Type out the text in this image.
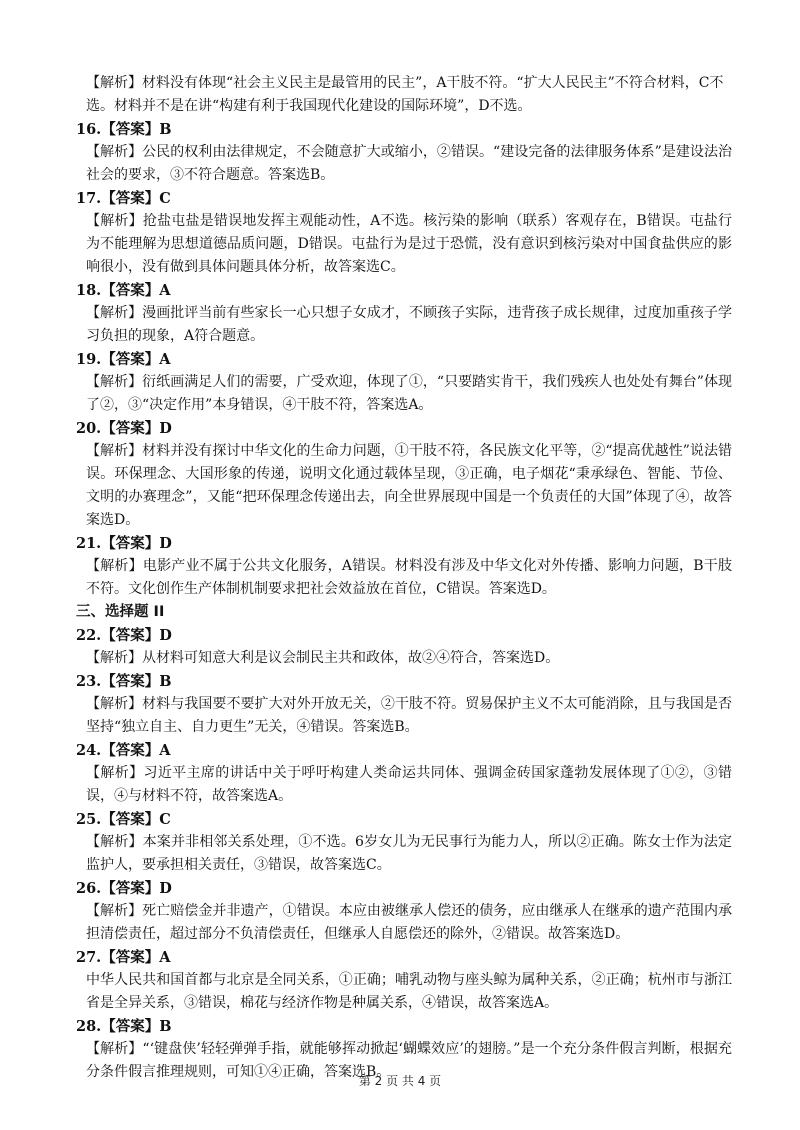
【解析】材料没有体现“社会主义民主是最管用的民主”，A干肢不符。“扩大人民民主”不符合材料，C不选。材料并不是在讲“构建有利于我国现代化建设的国际环境”，D不选。
16.【答案】B
【解析】公民的权利由法律规定，不会随意扩大或缩小，②错误。“建设完备的法律服务体系”是建设法治社会的要求，③不符合题意。答案选B。
17.【答案】C
【解析】抢盐屯盐是错误地发挥主观能动性，A不选。核污染的影响（联系）客观存在，B错误。屯盐行为不能理解为思想道德品质问题，D错误。屯盐行为是过于恐慌，没有意识到核污染对中国食盐供应的影响很小，没有做到具体问题具体分析，故答案选C。
18.【答案】A
【解析】漫画批评当前有些家长一心只想子女成才，不顾孩子实际，违背孩子成长规律，过度加重孩子学习负担的现象，A符合题意。
19.【答案】A
【解析】衍纸画满足人们的需要，广受欢迎，体现了①，“只要踏实肯干，我们残疾人也处处有舞台”体现了②，③“决定作用”本身错误，④干肢不符，答案选A。
20.【答案】D
【解析】材料并没有探讨中华文化的生命力问题，①干肢不符，各民族文化平等，②“提高优越性”说法错误。环保理念、大国形象的传递，说明文化通过载体呈现，③正确，电子烟花“秉承绿色、智能、节俭、文明的办赛理念”，又能“把环保理念传递出去，向全世界展现中国是一个负责任的大国”体现了④，故答案选D。
21.【答案】D
【解析】电影产业不属于公共文化服务，A错误。材料没有涉及中华文化对外传播、影响力问题，B干肢不符。文化创作生产体制机制要求把社会效益放在首位，C错误。答案选D。
三、选择题 II
22.【答案】D
【解析】从材料可知意大利是议会制民主共和政体，故②④符合，答案选D。
23.【答案】B
【解析】材料与我国要不要扩大对外开放无关，②干肢不符。贸易保护主义不太可能消除，且与我国是否坚持“独立自主、自力更生”无关，④错误。答案选B。
24.【答案】A
【解析】习近平主席的讲话中关于呼吁构建人类命运共同体、强调金砖国家蓬勃发展体现了①②，③错误，④与材料不符，故答案选A。
25.【答案】C
【解析】本案并非相邻关系处理，①不选。6岁女儿为无民事行为能力人，所以②正确。陈女士作为法定监护人，要承担相关责任，③错误，故答案选C。
26.【答案】D
【解析】死亡赔偿金并非遗产，①错误。本应由被继承人偿还的债务，应由继承人在继承的遗产范围内承担清偿责任，超过部分不负清偿责任，但继承人自愿偿还的除外，②错误。故答案选D。
27.【答案】A
中华人民共和国首都与北京是全同关系，①正确；哺乳动物与座头鲸为属种关系，②正确；杭州市与浙江省是全异关系，③错误，棉花与经济作物是种属关系，④错误，故答案选A。
28.【答案】B
【解析】“‘键盘侠’轻轻弹弹手指，就能够挥动掀起‘蝴蝶效应’的翅膀。”是一个充分条件假言判断，根据充分条件假言推理规则，可知①④正确，答案选B。
第 2 页 共 4 页
